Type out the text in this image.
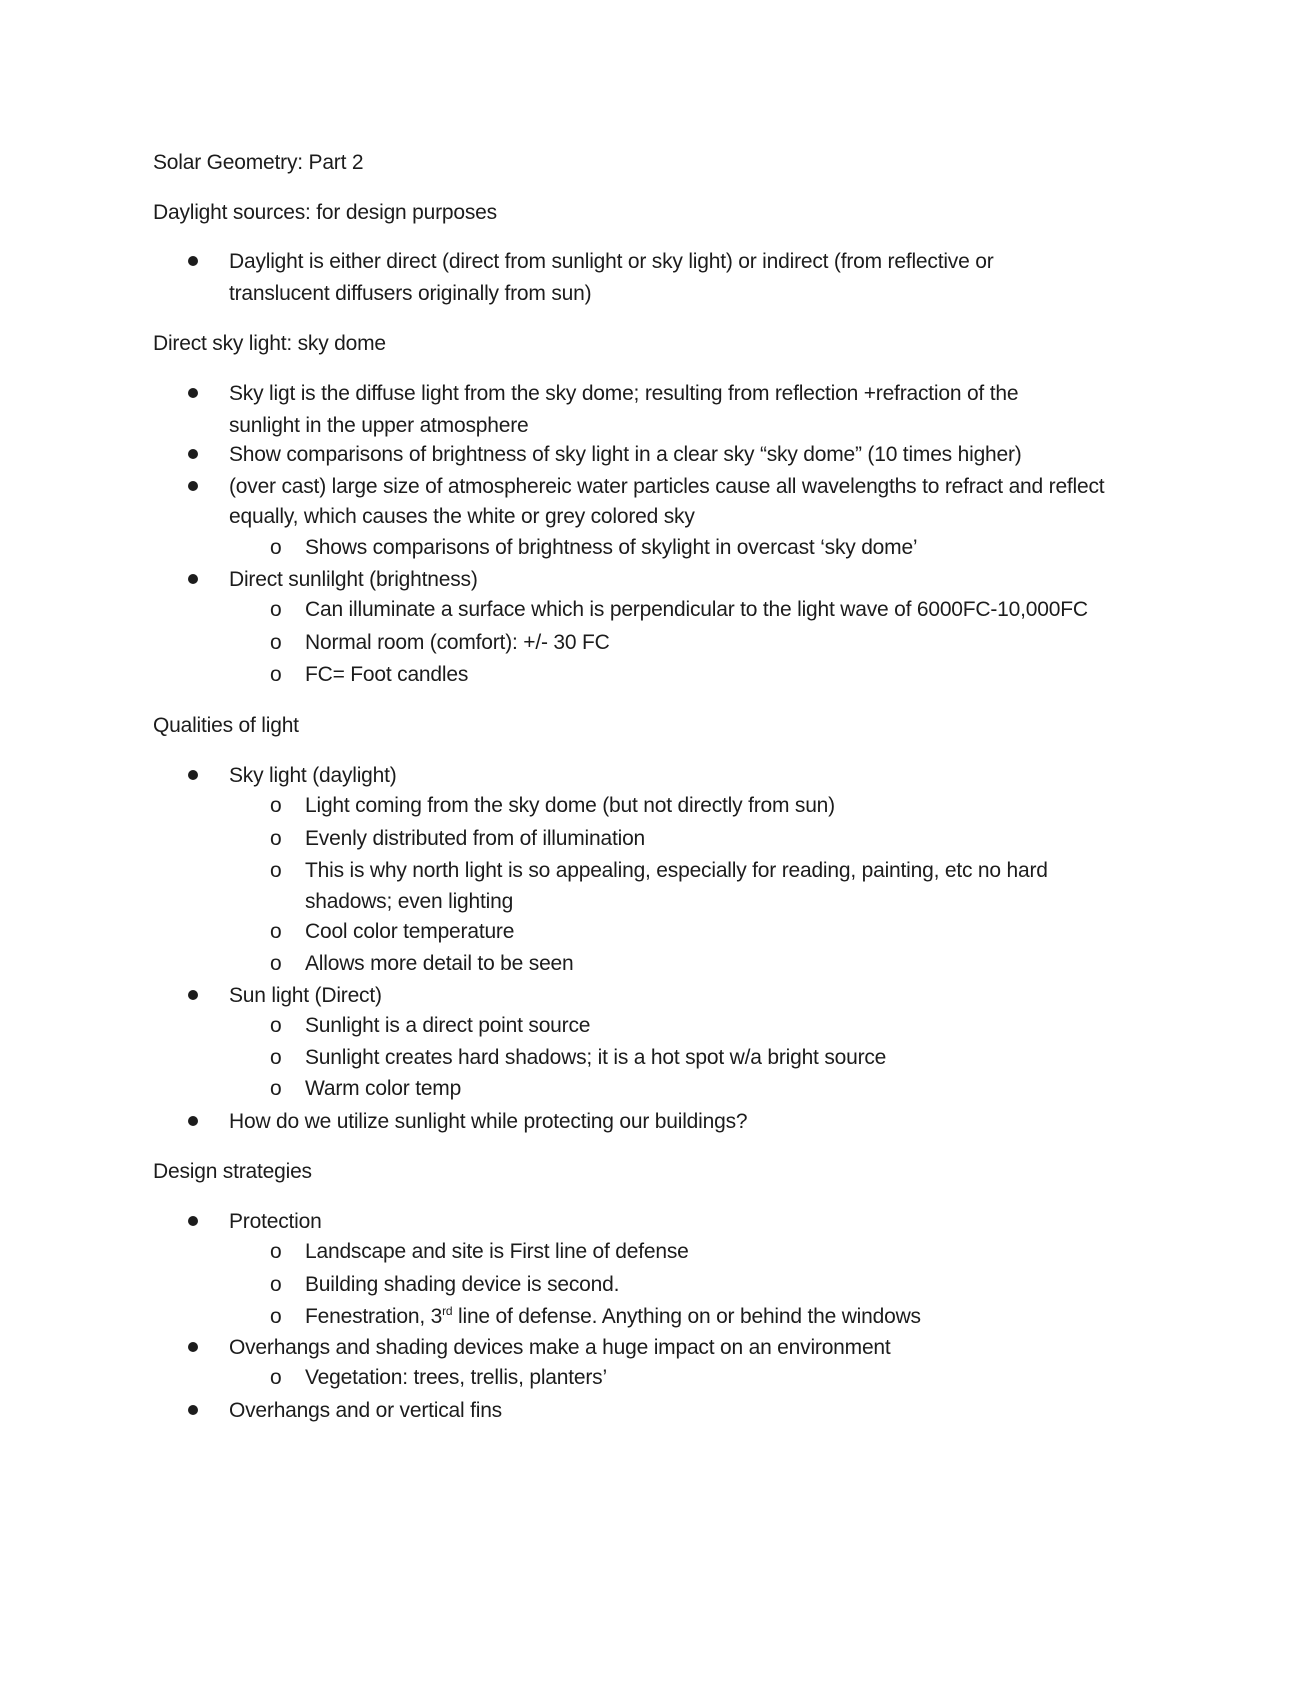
Solar Geometry: Part 2
Daylight sources: for design purposes
Daylight is either direct (direct from sunlight or sky light) or indirect (from reflective or
translucent diffusers originally from sun)
Direct sky light: sky dome
Sky ligt is the diffuse light from the sky dome; resulting from reflection +refraction of the
sunlight in the upper atmosphere
Show comparisons of brightness of sky light in a clear sky “sky dome” (10 times higher)
(over cast) large size of atmosphereic water particles cause all wavelengths to refract and reflect
equally, which causes the white or grey colored sky
o Shows comparisons of brightness of skylight in overcast ‘sky dome’
Direct sunlilght (brightness)
o Can illuminate a surface which is perpendicular to the light wave of 6000FC-10,000FC
o Normal room (comfort): +/- 30 FC
o FC= Foot candles
Qualities of light
Sky light (daylight)
o Light coming from the sky dome (but not directly from sun)
o Evenly distributed from of illumination
o This is why north light is so appealing, especially for reading, painting, etc no hard
shadows; even lighting
o Cool color temperature
o Allows more detail to be seen
Sun light (Direct)
o Sunlight is a direct point source
o Sunlight creates hard shadows; it is a hot spot w/a bright source
o Warm color temp
How do we utilize sunlight while protecting our buildings?
Design strategies
Protection
o Landscape and site is First line of defense
o Building shading device is second.
o Fenestration, 3rd line of defense. Anything on or behind the windows
Overhangs and shading devices make a huge impact on an environment
o Vegetation: trees, trellis, planters’
Overhangs and or vertical fins
